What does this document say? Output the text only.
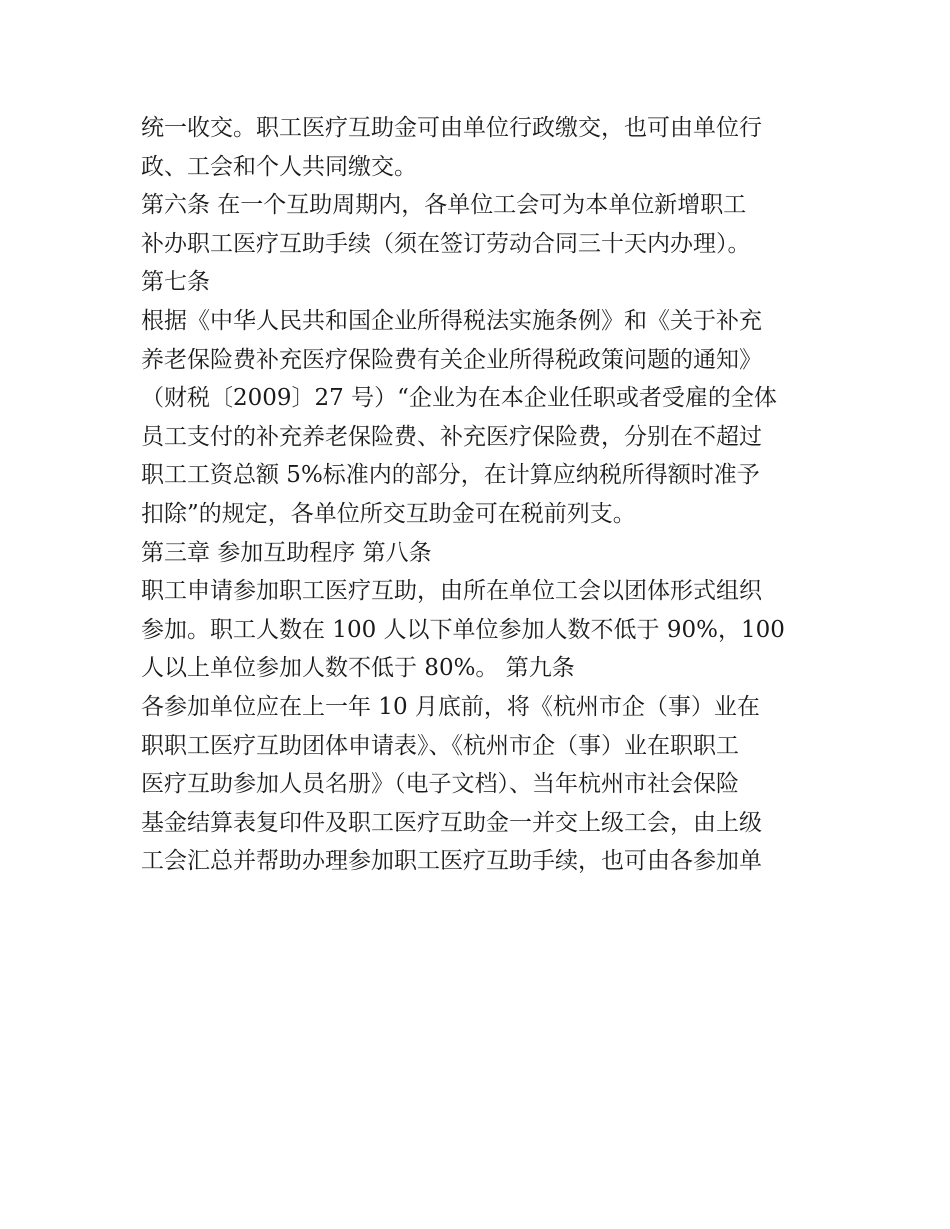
统一收交。职工医疗互助金可由单位行政缴交，也可由单位行
政、工会和个人共同缴交。
第六条 在一个互助周期内，各单位工会可为本单位新增职工
补办职工医疗互助手续（须在签订劳动合同三十天内办理）。
第七条
根据《中华人民共和国企业所得税法实施条例》和《关于补充
养老保险费补充医疗保险费有关企业所得税政策问题的通知》
（财税〔2009〕27 号）“企业为在本企业任职或者受雇的全体
员工支付的补充养老保险费、补充医疗保险费，分别在不超过
职工工资总额 5%标准内的部分，在计算应纳税所得额时准予
扣除”的规定，各单位所交互助金可在税前列支。
第三章 参加互助程序 第八条
职工申请参加职工医疗互助，由所在单位工会以团体形式组织
参加。职工人数在 100 人以下单位参加人数不低于 90%，100
人以上单位参加人数不低于 80%。 第九条
各参加单位应在上一年 10 月底前，将《杭州市企（事）业在
职职工医疗互助团体申请表》、《杭州市企（事）业在职职工
医疗互助参加人员名册》（电子文档）、当年杭州市社会保险
基金结算表复印件及职工医疗互助金一并交上级工会，由上级
工会汇总并帮助办理参加职工医疗互助手续，也可由各参加单
